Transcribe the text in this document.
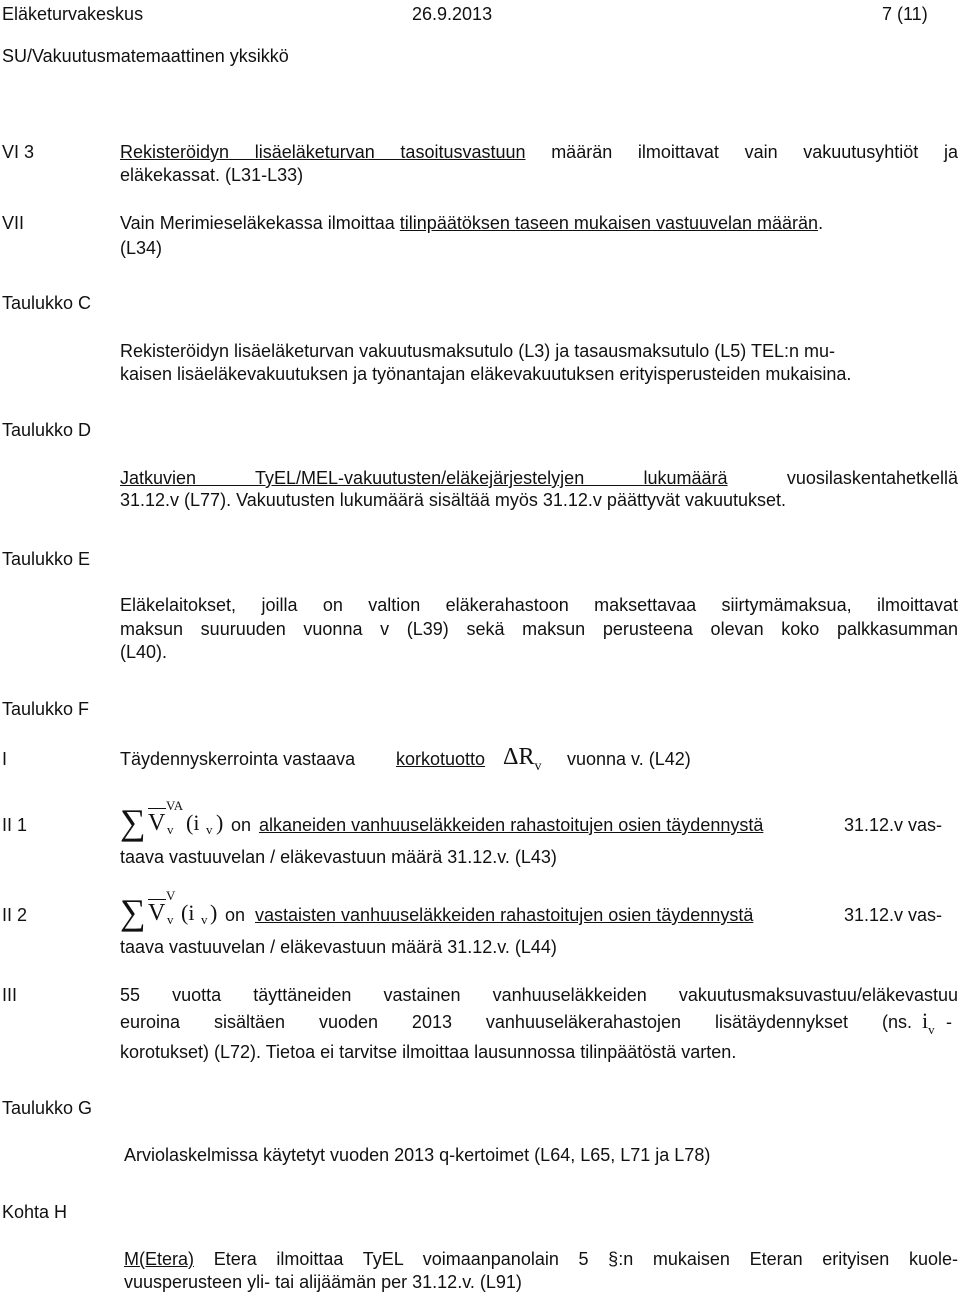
Eläketurvakeskus	26.9.2013	7 (11)
SU/Vakuutusmatemaattinen yksikkö
VI 3	Rekisteröidyn lisäeläketurvan tasoitusvastuun määrän ilmoittavat vain vakuutusyhtiöt ja
eläkekassat. (L31-L33)
VII	Vain Merimieseläkekassa ilmoittaa tilinpäätöksen taseen mukaisen vastuuvelan määrän.
(L34)
Taulukko C
Rekisteröidyn lisäeläketurvan vakuutusmaksutulo (L3) ja tasausmaksutulo (L5) TEL:n mu-
kaisen lisäeläkevakuutuksen ja työnantajan eläkevakuutuksen erityisperusteiden mukaisina.
Taulukko D
Jatkuvien TyEL/MEL-vakuutusten/eläkejärjestelyjen lukumäärä	vuosilaskentahetkellä
31.12.v (L77). Vakuutusten lukumäärä sisältää myös 31.12.v päättyvät vakuutukset.
Taulukko E
Eläkelaitokset, joilla on valtion eläkerahastoon maksettavaa siirtymämaksua, ilmoittavat
maksun suuruuden vuonna v (L39) sekä maksun perusteena olevan koko palkkasumman
(L40).
Taulukko F
I	Täydennyskerrointa vastaava korkotuotto $\Delta R_v$ vuonna v. (L42)
II 1	∑ V
VA
v (i v ) on alkaneiden vanhuuseläkkeiden rahastoitujen osien täydennystä	31.12.v vas-
taava vastuuvelan / eläkevastuun määrä 31.12.v. (L43)
II 2	∑ V
V
v (i v ) on vastaisten vanhuuseläkkeiden rahastoitujen osien täydennystä	31.12.v vas-
taava vastuuvelan / eläkevastuun määrä 31.12.v. (L44)
III	55 vuotta täyttäneiden vastainen vanhuuseläkkeiden vakuutusmaksuvastuu/eläkevastuu
euroina sisältäen vuoden 2013 vanhuuseläkerahastojen lisätäydennykset (ns. $i_v$ -
korotukset) (L72). Tietoa ei tarvitse ilmoittaa lausunnossa tilinpäätöstä varten.
Taulukko G
Arviolaskelmissa käytetyt vuoden 2013 q-kertoimet (L64, L65, L71 ja L78)
Kohta H
M(Etera) Etera ilmoittaa TyEL voimaanpanolain 5 §:n mukaisen Eteran erityisen kuole-
vuusperusteen yli- tai alijäämän per 31.12.v. (L91)
